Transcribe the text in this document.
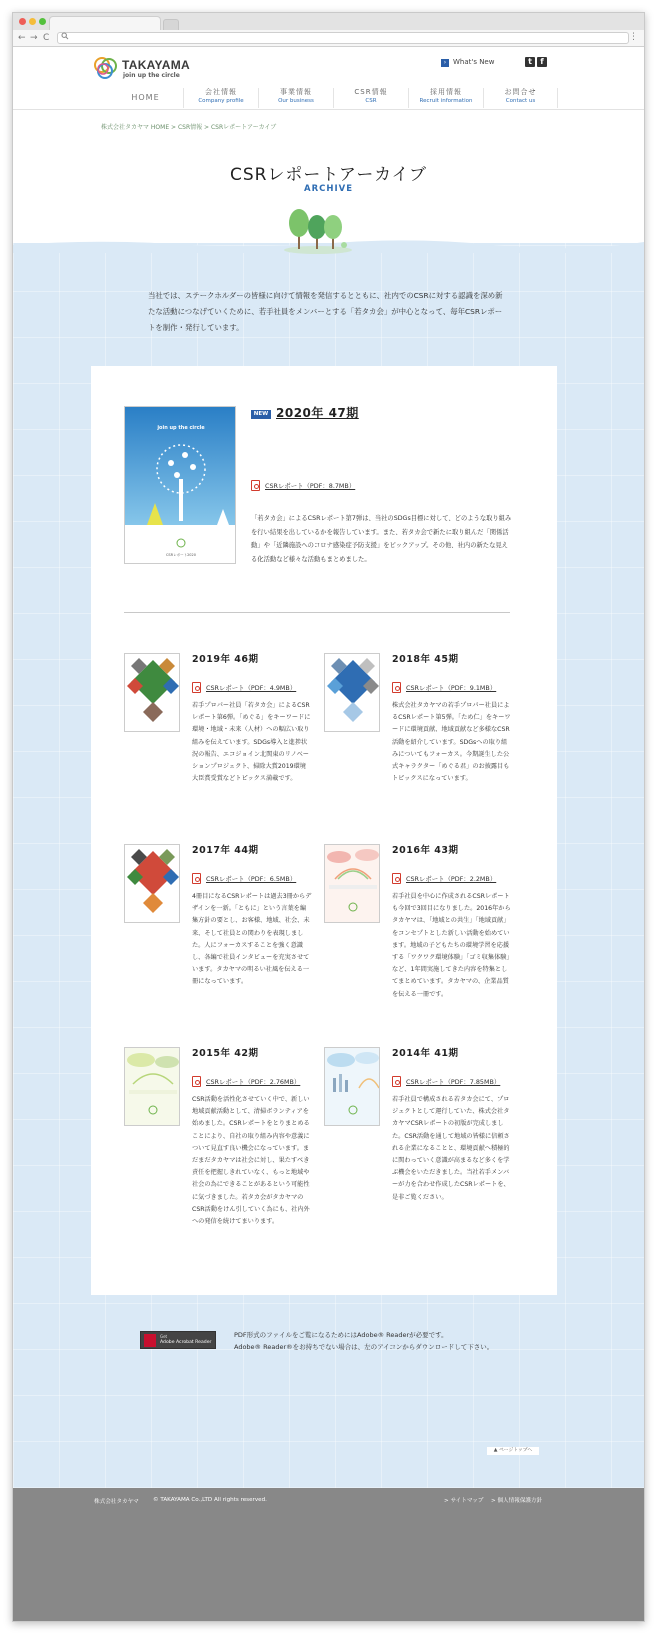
← → C	⋮
TAKAYAMA
join up the circle
› What's New	t	f
HOME
会社情報
Company profile
事業情報
Our business
CSR情報
CSR
採用情報
Recruit information
お問合せ
Contact us
株式会社タカヤマ HOME > CSR情報 > CSRレポートアーカイブ
CSRレポートアーカイブ
ARCHIVE
当社では、ステークホルダーの皆様に向けて情報を発信するとともに、社内でのCSRに対する認識を深め新たな活動につなげていくために、若手社員をメンバーとする「若タカ会」が中心となって、毎年CSRレポートを制作・発行しています。
join up the circle
CSRレポート2020
NEW 2020年 47期
CSRレポート（PDF：8.7MB）
「若タカ会」によるCSRレポート第7弾は、当社のSDGs目標に対して、どのような取り組みを行い結果を出しているかを報告しています。また、若タカ会で新たに取り組んだ「関係活動」や「近隣施設へのコロナ感染症予防支援」をピックアップ。その他、社内の新たな見える化活動など様々な活動もまとめました。
2019年 46期
CSRレポート（PDF：4.9MB）
若手プロパー社員「若タカ会」によるCSRレポート第6弾。「めぐる」をキーワードに環境・地域・未来（人材）への幅広い取り組みを伝えています。SDGs導入と進捗状況の報告、エコジョイン北関東のリノベーションプロジェクト、掃除大賞2019環境大臣賞受賞などトピックス満載です。
2018年 45期
CSRレポート（PDF：9.1MB）
株式会社タカヤマの若手プロパー社員によるCSRレポート第5弾。「ため仁」をキーワードに環境貢献、地域貢献など多様なCSR活動を紹介しています。SDGsへの取り組みについてもフォーカス。今期誕生した公式キャラクター「めぐる君」のお披露目もトピックスになっています。
2017年 44期
CSRレポート（PDF：6.5MB）
4冊目になるCSRレポートは過去3冊からデザインを一新。「ともに」という言葉を編集方針の要とし、お客様、地域、社会、未来、そして社員との関わりを表現しました。人にフォーカスすることを強く意識し、各編で社員インタビューを充実させています。タカヤマの明るい社風を伝える一冊になっています。
2016年 43期
CSRレポート（PDF：2.2MB）
若手社員を中心に作成されるCSRレポートも今回で3回目になりました。2016年からタカヤマは、「地域との共生」「地域貢献」をコンセプトとした新しい活動を始めています。地域の子どもたちの環境学習を応援する「ワクワク環境体験」「ゴミ収集体験」など、1年間実施してきた内容を特集としてまとめています。タカヤマの、企業品質を伝える一冊です。
2015年 42期
CSRレポート（PDF：2.76MB）
CSR活動を活性化させていく中で、新しい地域貢献活動として、清掃ボランティアを始めました。CSRレポートをとりまとめることにより、自社の取り組み内容や意義について見直す良い機会になっています。まだまだタカヤマは社会に対し、果たすべき責任を把握しきれていなく、もっと地域や社会の為にできることがあるという可能性に気づきました。若タカ会がタカヤマのCSR活動をけん引していく為にも、社内外への発信を続けてまいります。
2014年 41期
CSRレポート（PDF：7.85MB）
若手社員で構成される若タカ会にて、プロジェクトとして運行していた、株式会社タカヤマCSRレポートの初版が完成しました。CSR活動を通して地域の皆様に信頼される企業になることと、環境貢献へ積極的に関わっていく意識が高まるなど多くを学ぶ機会をいただきました。当社若手メンバーが力を合わせ作成したCSRレポートを、是非ご覧ください。
Get
Adobe Acrobat Reader
PDF形式のファイルをご覧になるためにはAdobe® Readerが必要です。
Adobe® Reader®をお持ちでない場合は、左のアイコンからダウンロードして下さい。
▲ ページトップへ
株式会社タカヤマ	© TAKAYAMA Co.,LTD All rights reserved.	> サイトマップ > 個人情報保護方針
